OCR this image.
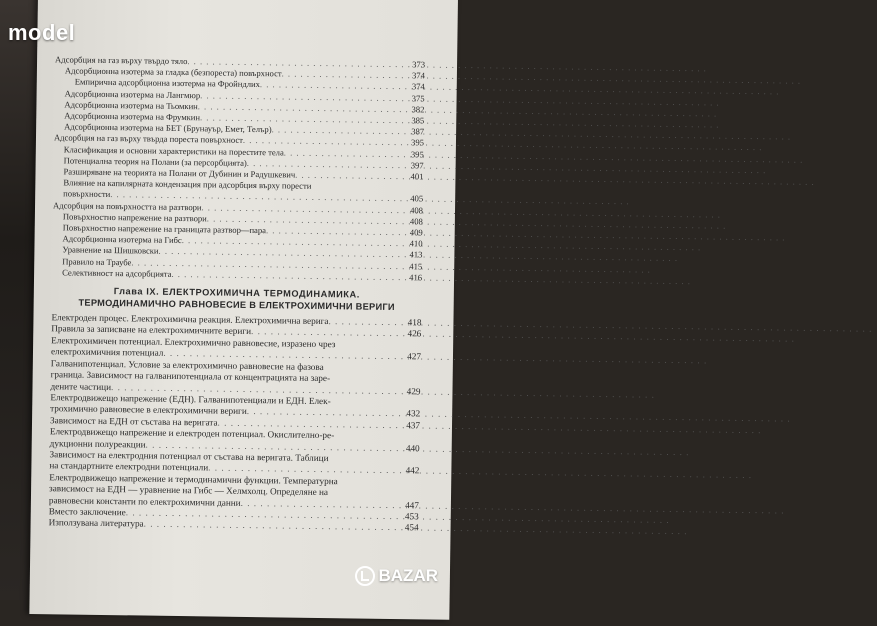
Адсорбция на газ върху твърдо тяло . . .	373
Адсорбционна изотерма за гладка (безпореста) повърхност . . .	374
Емпирична адсорбционна изотерма на Фройндлих . . .	374
Адсорбционна изотерма на Лангмюр . . .	375
Адсорбционна изотерма на Тьомкин . . .	382
Адсорбционна изотерма на Фрумкин . . .	385
Адсорбционна изотерма на БЕТ (Брунауър, Емет, Телър) . . .	387
Адсорбция на газ върху твърда пореста повърхност . . .	395
Класификация и основни характеристики на порестите тела . . .	395
Потенциална теория на Полани (за персорбцията) . . .	397
Разширяване на теорията на Полани от Дубинин и Радушкевич . . .	401
Влияние на капилярната кондензация при адсорбция върху порести
повърхности . . .	405
Адсорбция на повърхността на разтвори . . .	408
Повърхностно напрежение на разтвори . . .	408
Повърхностно напрежение на границата разтвор—пара . . .	409
Адсорбционна изотерма на Гибс . . .	410
Уравнение на Шишковски . . .	413
Правило на Траубе . . .	415
Селективност на адсорбцията . . .	416
Глава IX. ЕЛЕКТРОХИМИЧНА ТЕРМОДИНАМИКА.
ТЕРМОДИНАМИЧНО РАВНОВЕСИЕ В ЕЛЕКТРОХИМИЧНИ ВЕРИГИ
Електроден процес. Електрохимична реакция. Електрохимична верига . . .	418
Правила за записване на електрохимичните вериги . . .	426
Електрохимичен потенциал. Електрохимично равновесие, изразено чрез
електрохимичния потенциал . . .	427
Галванипотенциал. Условие за електрохимично равновесие на фазова
граница. Зависимост на галванипотенциала от концентрацията на заре-
дените частици . . .	429
Електродвижещо напрежение (ЕДН). Галванипотенциали и ЕДН. Елек-
трохимично равновесие в електрохимични вериги . . .	432
Зависимост на ЕДН от състава на веригата . . .	437
Електродвижещо напрежение и електроден потенциал. Окислително-ре-
дукционни полуреакции . . .	440
Зависимост на електродния потенциал от състава на веригата. Таблици
на стандартните електродни потенциали . . .	442
Електродвижещо напрежение и термодинамични функции. Температурна
зависимост на ЕДН — уравнение на Гибс — Хелмхолц. Определяне на
равновесни константи по електрохимични данни . . .	447
Вместо заключение . . .	453
Използувана литература . . .	454
model
BAZAR
